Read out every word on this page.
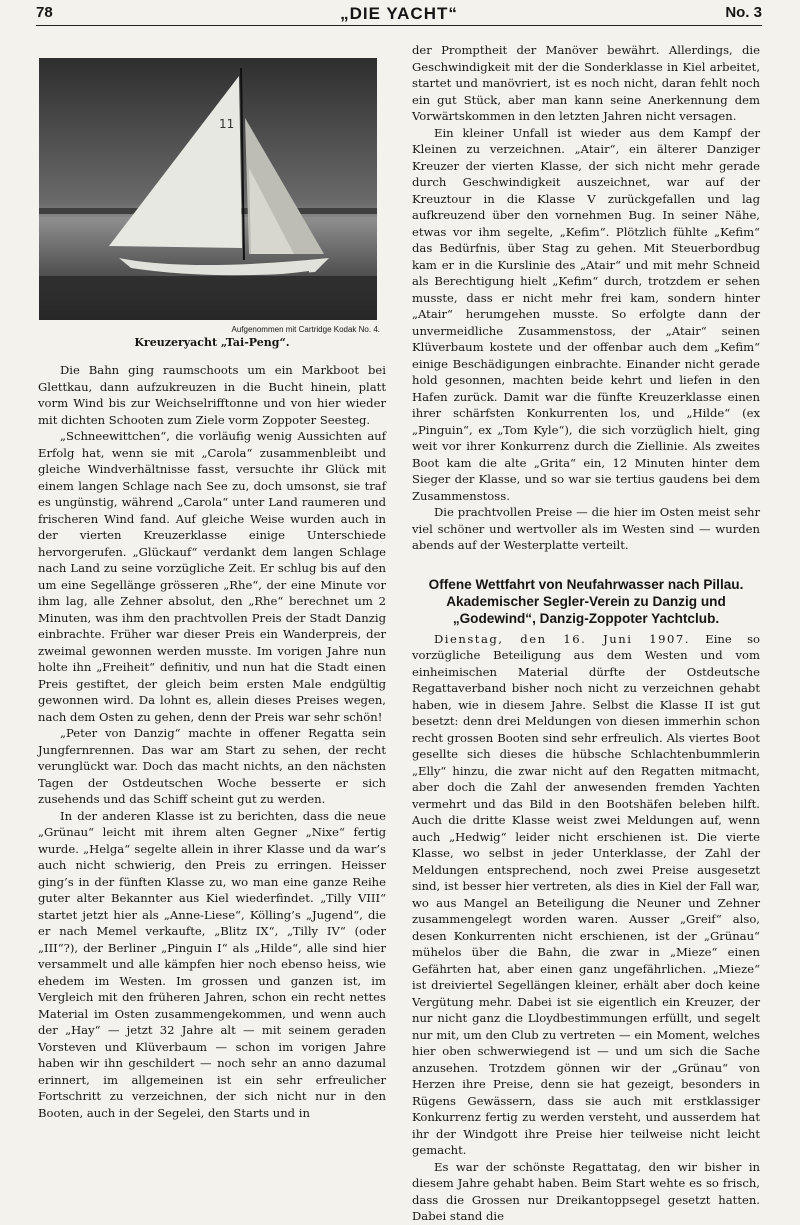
78	„DIE YACHT“	No. 3
11
Aufgenommen mit Cartridge Kodak No. 4.
Kreuzeryacht „Tai-Peng“.

Die Bahn ging raumschoots um ein Markboot bei Glettkau, dann aufzukreuzen in die Bucht hinein, platt vorm Wind bis zur Weichselrifftonne und von hier wieder mit dichten Schooten zum Ziele vorm Zoppoter Seesteg.

„Schneewittchen“, die vorläufig wenig Aussichten auf Erfolg hat, wenn sie mit „Carola“ zusammenbleibt und gleiche Windverhältnisse fasst, versuchte ihr Glück mit einem langen Schlage nach See zu, doch umsonst, sie traf es ungünstig, während „Carola“ unter Land raumeren und frischeren Wind fand. Auf gleiche Weise wurden auch in der vierten Kreuzerklasse einige Unterschiede hervorgerufen. „Glückauf“ verdankt dem langen Schlage nach Land zu seine vorzügliche Zeit. Er schlug bis auf den um eine Segellänge grösseren „Rhe“, der eine Minute vor ihm lag, alle Zehner absolut, den „Rhe“ berechnet um 2 Minuten, was ihm den prachtvollen Preis der Stadt Danzig einbrachte. Früher war dieser Preis ein Wanderpreis, der zweimal gewonnen werden musste. Im vorigen Jahre nun holte ihn „Freiheit“ definitiv, und nun hat die Stadt einen Preis gestiftet, der gleich beim ersten Male endgültig gewonnen wird. Da lohnt es, allein dieses Preises wegen, nach dem Osten zu gehen, denn der Preis war sehr schön!

„Peter von Danzig“ machte in offener Regatta sein Jungfernrennen. Das war am Start zu sehen, der recht verunglückt war. Doch das macht nichts, an den nächsten Tagen der Ostdeutschen Woche besserte er sich zusehends und das Schiff scheint gut zu werden.

In der anderen Klasse ist zu berichten, dass die neue „Grünau“ leicht mit ihrem alten Gegner „Nixe“ fertig wurde. „Helga“ segelte allein in ihrer Klasse und da war’s auch nicht schwierig, den Preis zu erringen. Heisser ging’s in der fünften Klasse zu, wo man eine ganze Reihe guter alter Bekannter aus Kiel wiederfindet. „Tilly VIII“ startet jetzt hier als „Anne-Liese“, Kölling’s „Jugend“, die er nach Memel verkaufte, „Blitz IX“, „Tilly IV“ (oder „III“?), der Berliner „Pinguin I“ als „Hilde“, alle sind hier versammelt und alle kämpfen hier noch ebenso heiss, wie ehedem im Westen. Im grossen und ganzen ist, im Vergleich mit den früheren Jahren, schon ein recht nettes Material im Osten zusammengekommen, und wenn auch der „Hay“ — jetzt 32 Jahre alt — mit seinem geraden Vorsteven und Klüverbaum — schon im vorigen Jahre haben wir ihn geschildert — noch sehr an anno dazumal erinnert, im allgemeinen ist ein sehr erfreulicher Fortschritt zu verzeichnen, der sich nicht nur in den Booten, auch in der Segelei, den Starts und in

der Promptheit der Manöver bewährt. Allerdings, die Geschwindigkeit mit der die Sonderklasse in Kiel arbeitet, startet und manövriert, ist es noch nicht, daran fehlt noch ein gut Stück, aber man kann seine Anerkennung dem Vorwärtskommen in den letzten Jahren nicht versagen.

Ein kleiner Unfall ist wieder aus dem Kampf der Kleinen zu verzeichnen. „Atair“, ein älterer Danziger Kreuzer der vierten Klasse, der sich nicht mehr gerade durch Geschwindigkeit auszeichnet, war auf der Kreuztour in die Klasse V zurückgefallen und lag aufkreuzend über den vornehmen Bug. In seiner Nähe, etwas vor ihm segelte, „Kefim“. Plötzlich fühlte „Kefim“ das Bedürfnis, über Stag zu gehen. Mit Steuerbordbug kam er in die Kurslinie des „Atair“ und mit mehr Schneid als Berechtigung hielt „Kefim“ durch, trotzdem er sehen musste, dass er nicht mehr frei kam, sondern hinter „Atair“ herumgehen musste. So erfolgte dann der unvermeidliche Zusammenstoss, der „Atair“ seinen Klüverbaum kostete und der offenbar auch dem „Kefim“ einige Beschädigungen einbrachte. Einander nicht gerade hold gesonnen, machten beide kehrt und liefen in den Hafen zurück. Damit war die fünfte Kreuzerklasse einen ihrer schärfsten Konkurrenten los, und „Hilde“ (ex „Pinguin“, ex „Tom Kyle“), die sich vorzüglich hielt, ging weit vor ihrer Konkurrenz durch die Ziellinie. Als zweites Boot kam die alte „Grita“ ein, 12 Minuten hinter dem Sieger der Klasse, und so war sie tertius gaudens bei dem Zusammenstoss.

Die prachtvollen Preise — die hier im Osten meist sehr viel schöner und wertvoller als im Westen sind — wurden abends auf der Westerplatte verteilt.

Offene Wettfahrt von Neufahrwasser nach Pillau.
Akademischer Segler-Verein zu Danzig und
„Godewind“, Danzig-Zoppoter Yachtclub.

Dienstag, den 16. Juni 1907. Eine so vorzügliche Beteiligung aus dem Westen und vom einheimischen Material dürfte der Ostdeutsche Regattaverband bisher noch nicht zu verzeichnen gehabt haben, wie in diesem Jahre. Selbst die Klasse II ist gut besetzt: denn drei Meldungen von diesen immerhin schon recht grossen Booten sind sehr erfreulich. Als viertes Boot gesellte sich dieses die hübsche Schlachtenbummlerin „Elly“ hinzu, die zwar nicht auf den Regatten mitmacht, aber doch die Zahl der anwesenden fremden Yachten vermehrt und das Bild in den Bootshäfen beleben hilft. Auch die dritte Klasse weist zwei Meldungen auf, wenn auch „Hedwig“ leider nicht erschienen ist. Die vierte Klasse, wo selbst in jeder Unterklasse, der Zahl der Meldungen entsprechend, noch zwei Preise ausgesetzt sind, ist besser hier vertreten, als dies in Kiel der Fall war, wo aus Mangel an Beteiligung die Neuner und Zehner zusammengelegt worden waren. Ausser „Greif“ also, desen Konkurrenten nicht erschienen, ist der „Grünau“ mühelos über die Bahn, die zwar in „Mieze“ einen Gefährten hat, aber einen ganz ungefährlichen. „Mieze“ ist dreiviertel Segellängen kleiner, erhält aber doch keine Vergütung mehr. Dabei ist sie eigentlich ein Kreuzer, der nur nicht ganz die Lloydbestimmungen erfüllt, und segelt nur mit, um den Club zu vertreten — ein Moment, welches hier oben schwerwiegend ist — und um sich die Sache anzusehen. Trotzdem gönnen wir der „Grünau“ von Herzen ihre Preise, denn sie hat gezeigt, besonders in Rügens Gewässern, dass sie auch mit erstklassiger Konkurrenz fertig zu werden versteht, und ausserdem hat ihr der Windgott ihre Preise hier teilweise nicht leicht gemacht.

Es war der schönste Regattatag, den wir bisher in diesem Jahre gehabt haben. Beim Start wehte es so frisch, dass die Grossen nur Dreikantoppsegel gesetzt hatten. Dabei stand die
